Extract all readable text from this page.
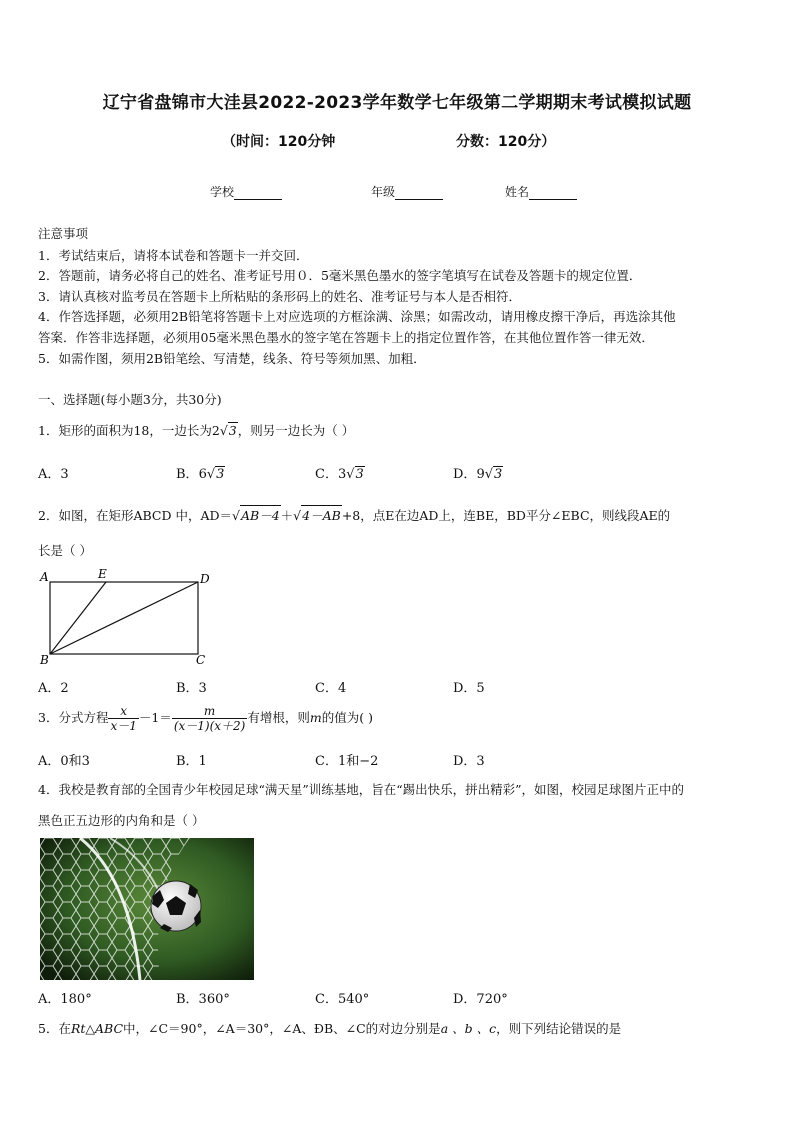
辽宁省盘锦市大洼县2022-2023学年数学七年级第二学期期末考试模拟试题
（时间：120分钟	分数：120分）
学校	年级	姓名
注意事项
1．考试结束后，请将本试卷和答题卡一并交回．
2．答题前，请务必将自己的姓名、准考证号用０．5毫米黑色墨水的签字笔填写在试卷及答题卡的规定位置．
3．请认真核对监考员在答题卡上所粘贴的条形码上的姓名、准考证号与本人是否相符．
4．作答选择题，必须用2B铅笔将答题卡上对应选项的方框涂满、涂黑；如需改动，请用橡皮擦干净后，再选涂其他
答案．作答非选择题，必须用05毫米黑色墨水的签字笔在答题卡上的指定位置作答，在其他位置作答一律无效．
5．如需作图，须用2B铅笔绘、写清楚，线条、符号等须加黑、加粗．
一、选择题(每小题3分，共30分)
1．矩形的面积为18，一边长为2√3，则另一边长为（ ）
A．3	B．6√3	C．3√3	D．9√3
2．如图，在矩形ABCD 中，AD＝√AB－4＋√4－AB+8，点E在边AD上，连BE，BD平分∠EBC，则线段AE的
长是（ ）
A	E	D
B	C
A．2	B．3	C．4	D．5
3．分式方程 $\frac{x}{x-1} -1= \frac{m}{(x-1)(x+2)}$ 有增根，则m的值为( )
A．0和3	B．1	C．1和−2	D．3
4．我校是教育部的全国青少年校园足球“满天星”训练基地，旨在“踢出快乐，拼出精彩”，如图，校园足球图片正中的
黑色正五边形的内角和是（ ）
A．180°	B．360°	C．540°	D．720°
5．在Rt△ABC中，∠C＝90°，∠A＝30°，∠A、ÐB、∠C的对边分别是a 、b 、c，则下列结论错误的是
